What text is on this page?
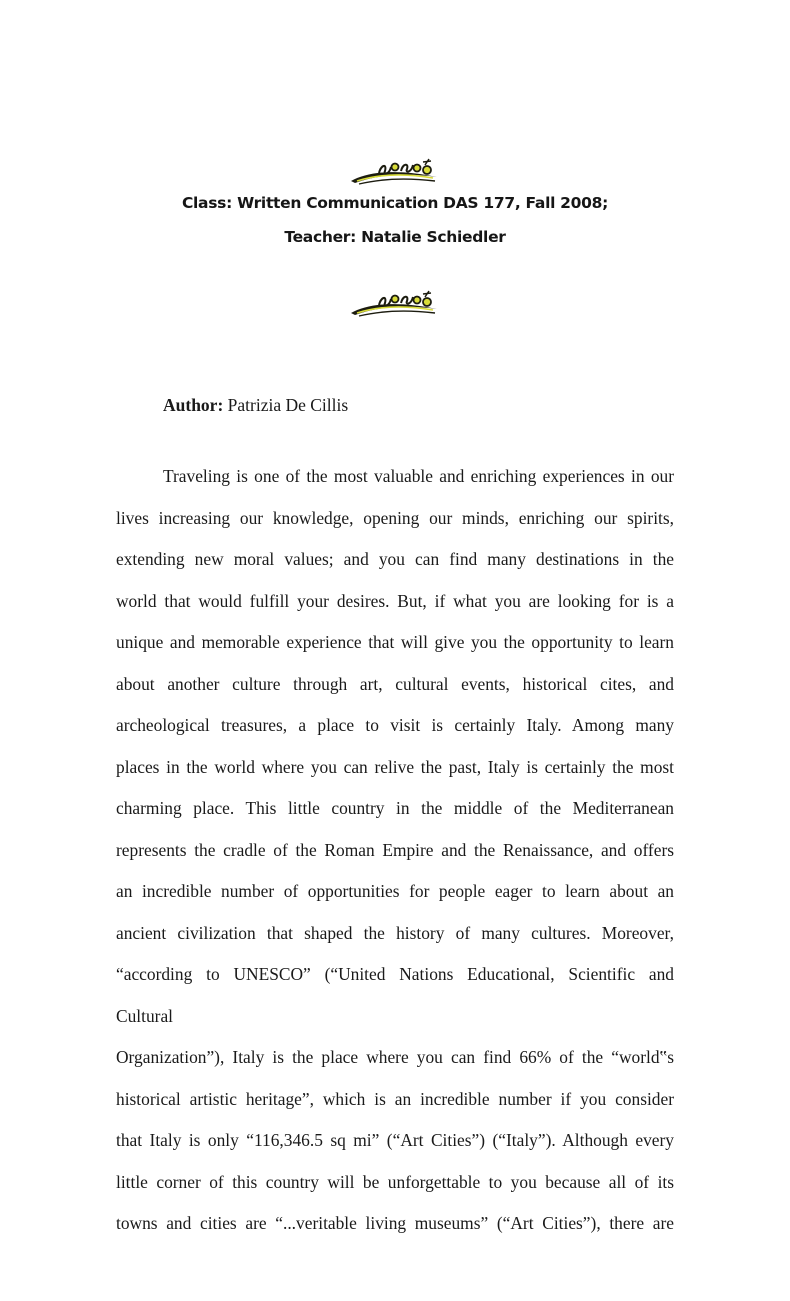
Class: Written Communication DAS 177, Fall 2008;
Teacher: Natalie Schiedler
Author: Patrizia De Cillis
Traveling is one of the most valuable and enriching experiences in our
lives increasing our knowledge, opening our minds, enriching our spirits,
extending new moral values; and you can find many destinations in the
world that would fulfill your desires. But, if what you are looking for is a
unique and memorable experience that will give you the opportunity to learn
about another culture through art, cultural events, historical cites, and
archeological treasures, a place to visit is certainly Italy. Among many
places in the world where you can relive the past, Italy is certainly the most
charming place. This little country in the middle of the Mediterranean
represents the cradle of the Roman Empire and the Renaissance, and offers
an incredible number of opportunities for people eager to learn about an
ancient civilization that shaped the history of many cultures. Moreover,
“according to UNESCO” (“United Nations Educational, Scientific and
Cultural
Organization”), Italy is the place where you can find 66% of the “world‟s
historical artistic heritage”, which is an incredible number if you consider
that Italy is only “116,346.5 sq mi” (“Art Cities”) (“Italy”). Although every
little corner of this country will be unforgettable to you because all of its
towns and cities are “...veritable living museums” (“Art Cities”), there are
